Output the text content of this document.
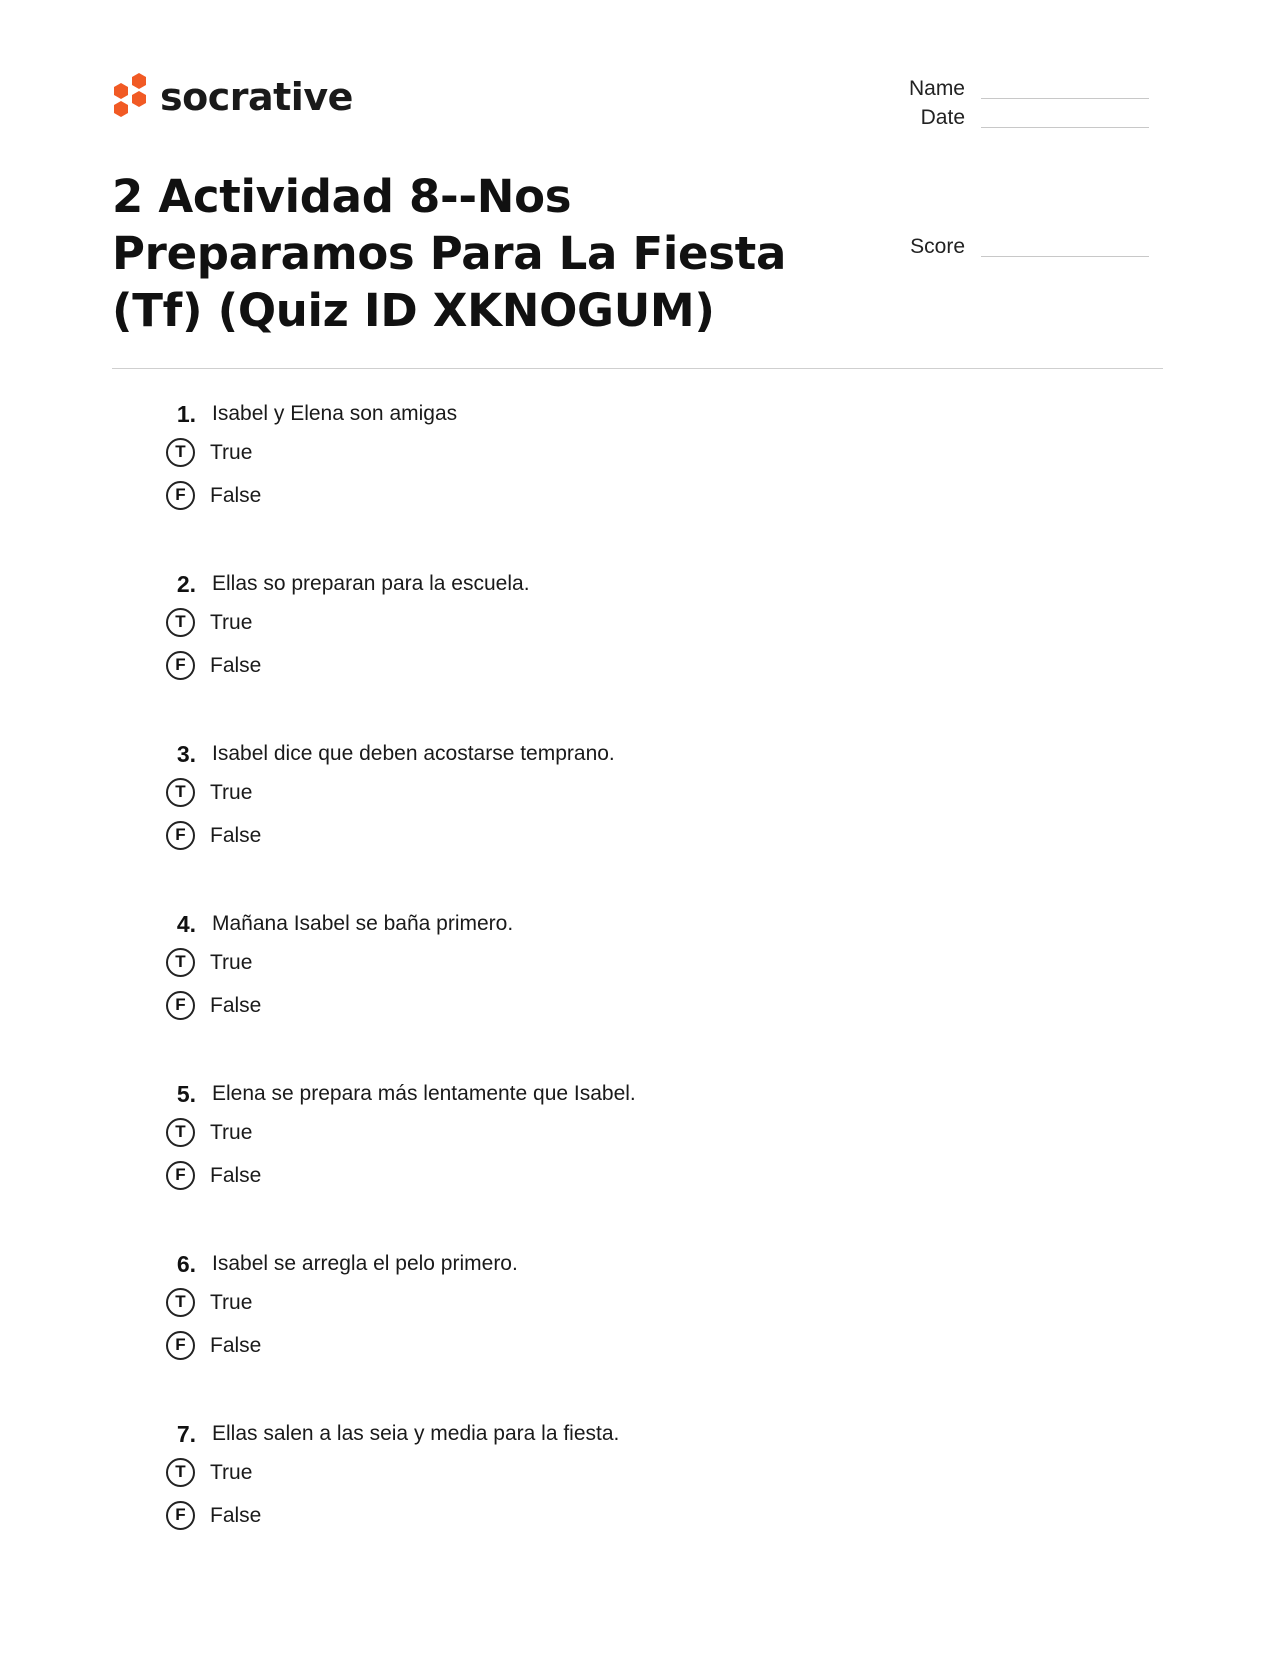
socrative	Name
Date
Score
2 Actividad 8--Nos Preparamos Para La Fiesta (Tf) (Quiz ID XKNOGUM)
1. Isabel y Elena son amigas
T	True
F	False
2. Ellas so preparan para la escuela.
T	True
F	False
3. Isabel dice que deben acostarse temprano.
T	True
F	False
4. Mañana Isabel se baña primero.
T	True
F	False
5. Elena se prepara más lentamente que Isabel.
T	True
F	False
6. Isabel se arregla el pelo primero.
T	True
F	False
7. Ellas salen a las seia y media para la fiesta.
T	True
F	False
